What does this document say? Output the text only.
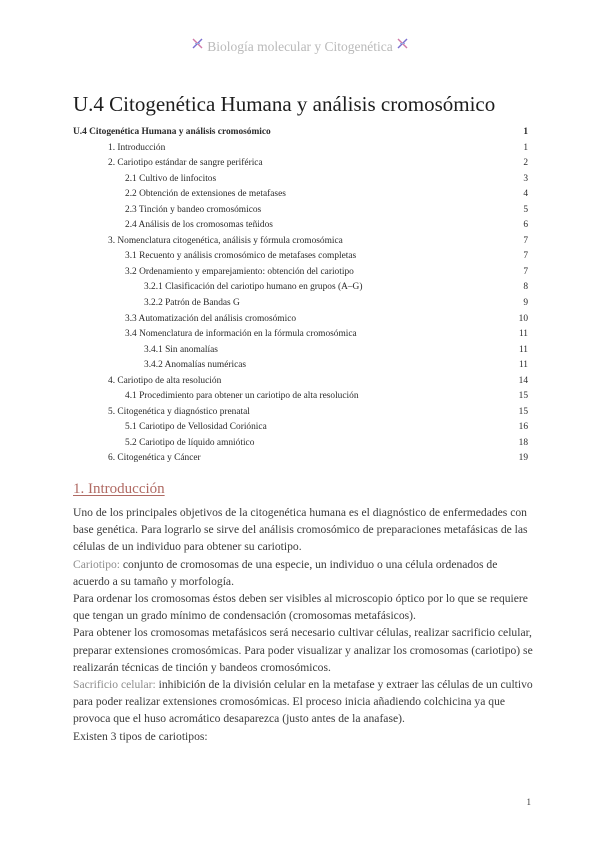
Biología molecular y Citogenética
U.4 Citogenética Humana y análisis cromosómico
U.4 Citogenética Humana y análisis cromosómico	1
1. Introducción	1
2. Cariotipo estándar de sangre periférica	2
2.1 Cultivo de linfocitos	3
2.2 Obtención de extensiones de metafases	4
2.3 Tinción y bandeo cromosómicos	5
2.4 Análisis de los cromosomas teñidos	6
3. Nomenclatura citogenética, análisis y fórmula cromosómica	7
3.1 Recuento y análisis cromosómico de metafases completas	7
3.2 Ordenamiento y emparejamiento: obtención del cariotipo	7
3.2.1 Clasificación del cariotipo humano en grupos (A–G)	8
3.2.2 Patrón de Bandas G	9
3.3 Automatización del análisis cromosómico	10
3.4 Nomenclatura de información en la fórmula cromosómica	11
3.4.1 Sin anomalías	11
3.4.2 Anomalías numéricas	11
4. Cariotipo de alta resolución	14
4.1 Procedimiento para obtener un cariotipo de alta resolución	15
5. Citogenética y diagnóstico prenatal	15
5.1 Cariotipo de Vellosidad Coriónica	16
5.2 Cariotipo de líquido amniótico	18
6. Citogenética y Cáncer	19
1. Introducción

Uno de los principales objetivos de la citogenética humana es el diagnóstico de enfermedades con base genética. Para lograrlo se sirve del análisis cromosómico de preparaciones metafásicas de las células de un individuo para obtener su cariotipo.

Cariotipo: conjunto de cromosomas de una especie, un individuo o una célula ordenados de acuerdo a su tamaño y morfología.

Para ordenar los cromosomas éstos deben ser visibles al microscopio óptico por lo que se requiere que tengan un grado mínimo de condensación (cromosomas metafásicos).

Para obtener los cromosomas metafásicos será necesario cultivar células, realizar sacrificio celular, preparar extensiones cromosómicas. Para poder visualizar y analizar los cromosomas (cariotipo) se realizarán técnicas de tinción y bandeos cromosómicos.

Sacrificio celular: inhibición de la división celular en la metafase y extraer las células de un cultivo para poder realizar extensiones cromosómicas. El proceso inicia añadiendo colchicina ya que provoca que el huso acromático desaparezca (justo antes de la anafase).

Existen 3 tipos de cariotipos:

1
